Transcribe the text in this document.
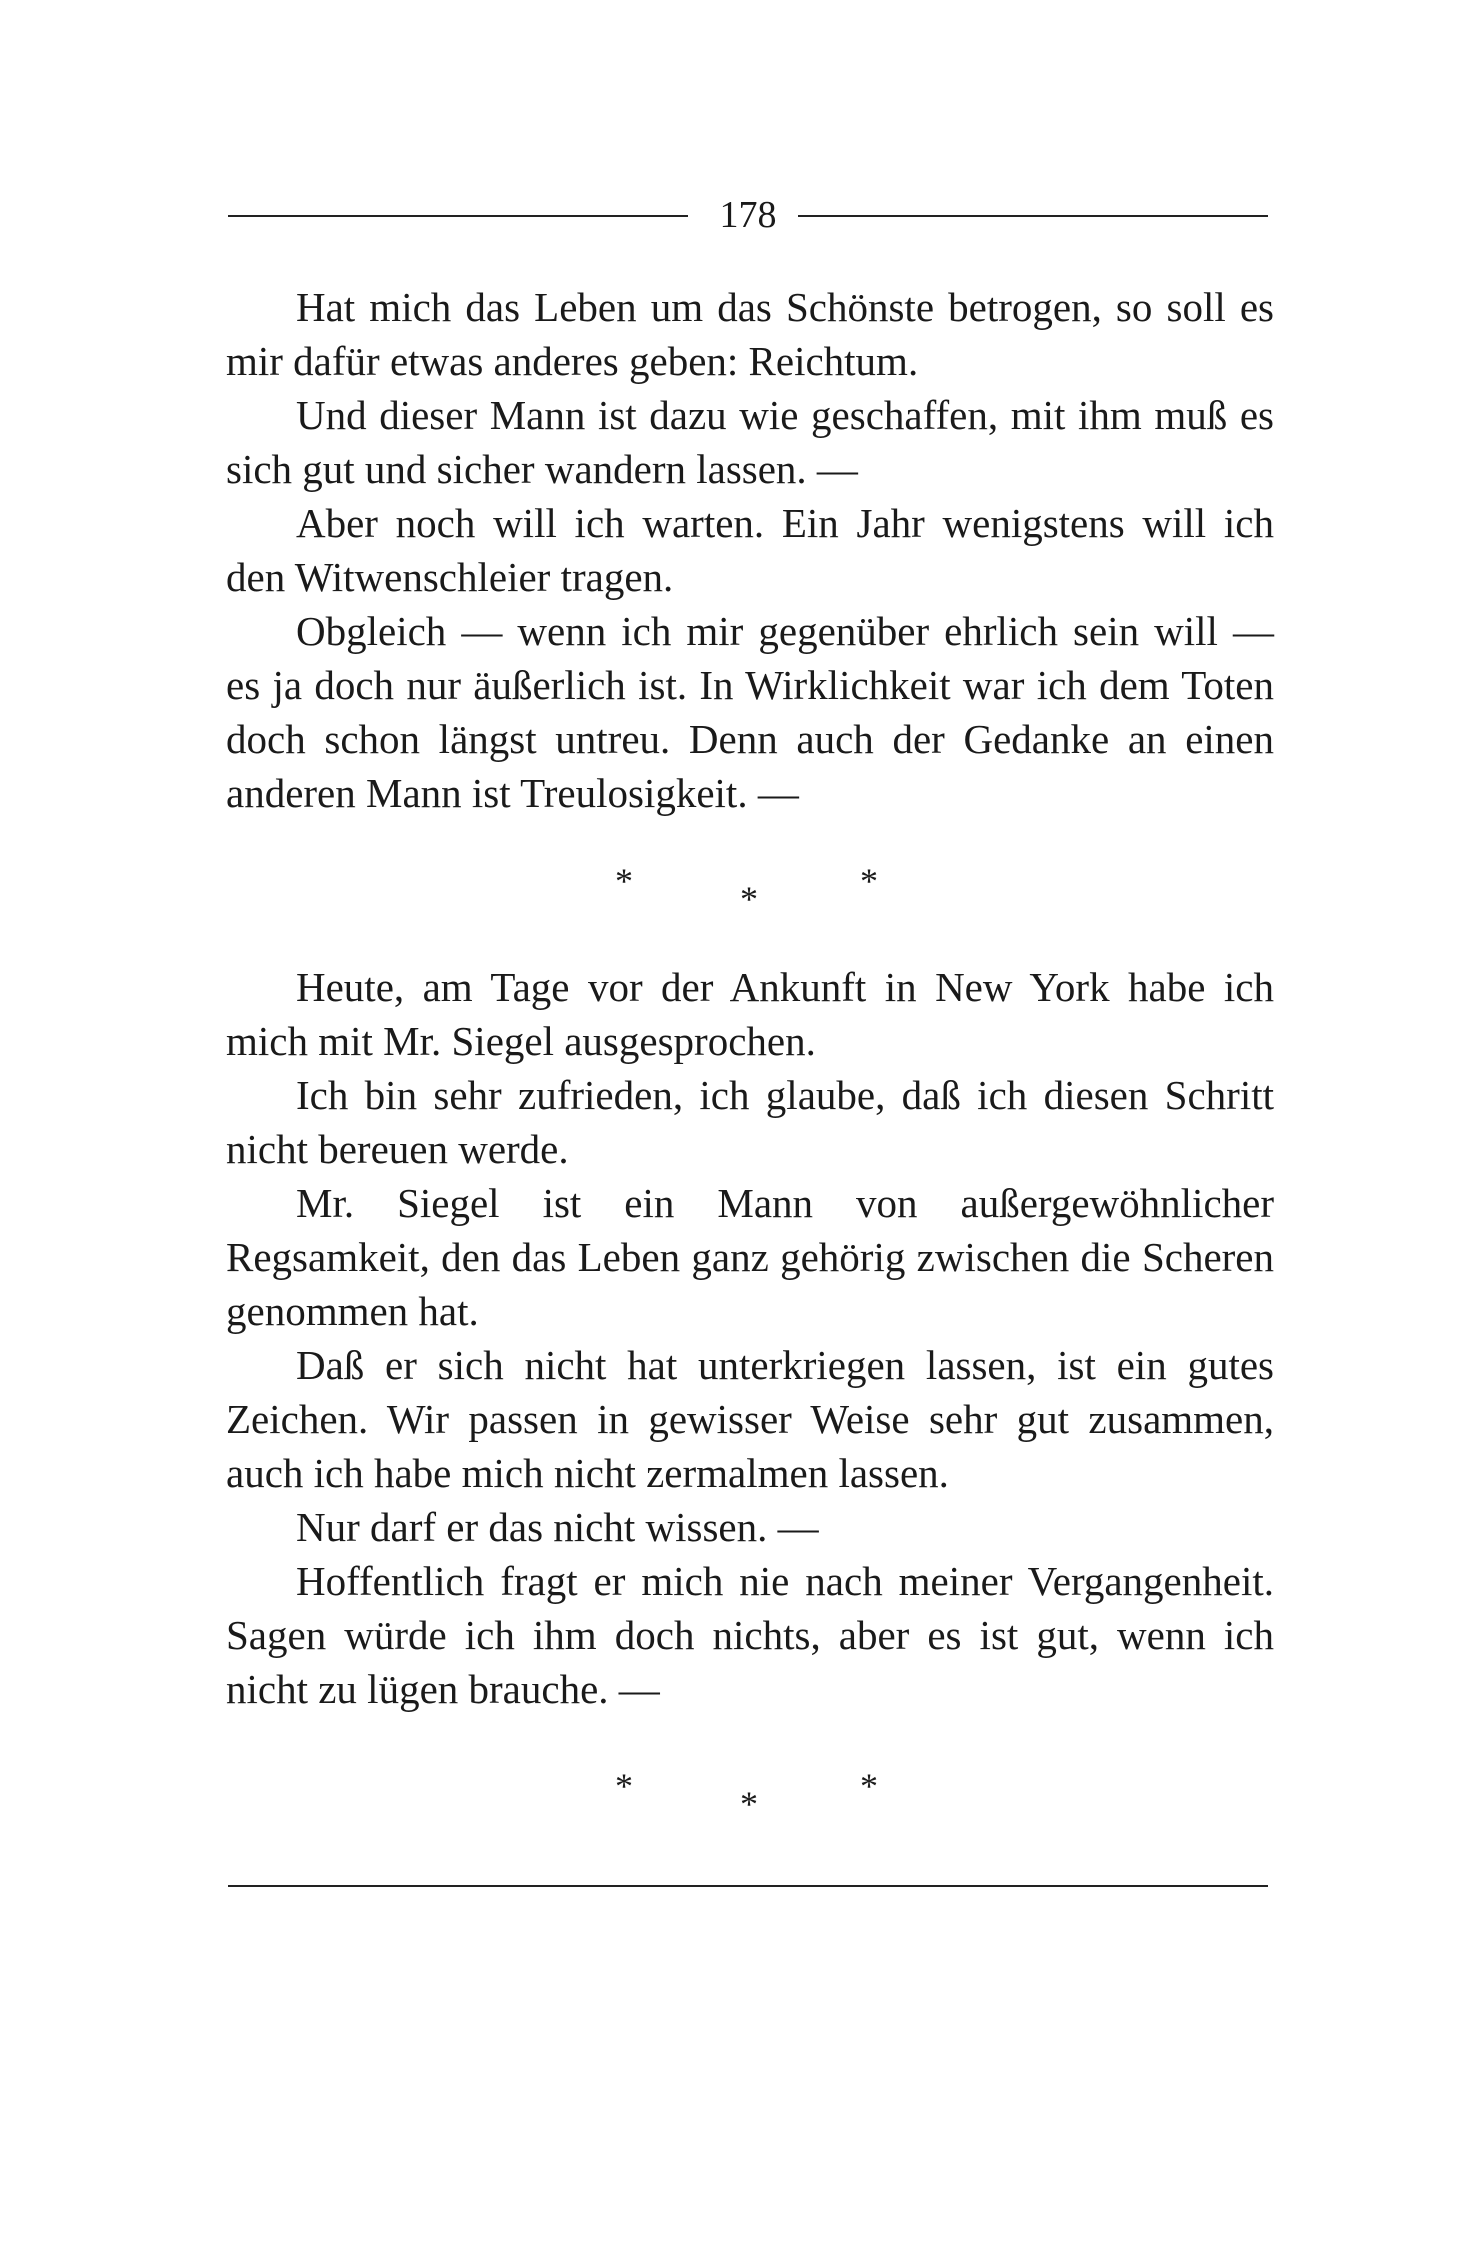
178

Hat mich das Leben um das Schönste betrogen, so soll es mir dafür etwas anderes geben: Reichtum.

Und dieser Mann ist dazu wie geschaffen, mit ihm muß es sich gut und sicher wandern lassen. —

Aber noch will ich warten. Ein Jahr wenigstens will ich den Witwenschleier tragen.

Obgleich — wenn ich mir gegenüber ehrlich sein will — es ja doch nur äußerlich ist. In Wirklichkeit war ich dem Toten doch schon längst untreu. Denn auch der Gedanke an einen anderen Mann ist Treulosigkeit. —

*	*	*

Heute, am Tage vor der Ankunft in New York habe ich mich mit Mr. Siegel ausgesprochen.

Ich bin sehr zufrieden, ich glaube, daß ich diesen Schritt nicht bereuen werde.

Mr. Siegel ist ein Mann von außergewöhnlicher Regsamkeit, den das Leben ganz gehörig zwischen die Scheren genommen hat.

Daß er sich nicht hat unterkriegen lassen, ist ein gutes Zeichen. Wir passen in gewisser Weise sehr gut zusammen, auch ich habe mich nicht zermalmen lassen.

Nur darf er das nicht wissen. —

Hoffentlich fragt er mich nie nach meiner Vergangenheit. Sagen würde ich ihm doch nichts, aber es ist gut, wenn ich nicht zu lügen brauche. —

*	*	*
